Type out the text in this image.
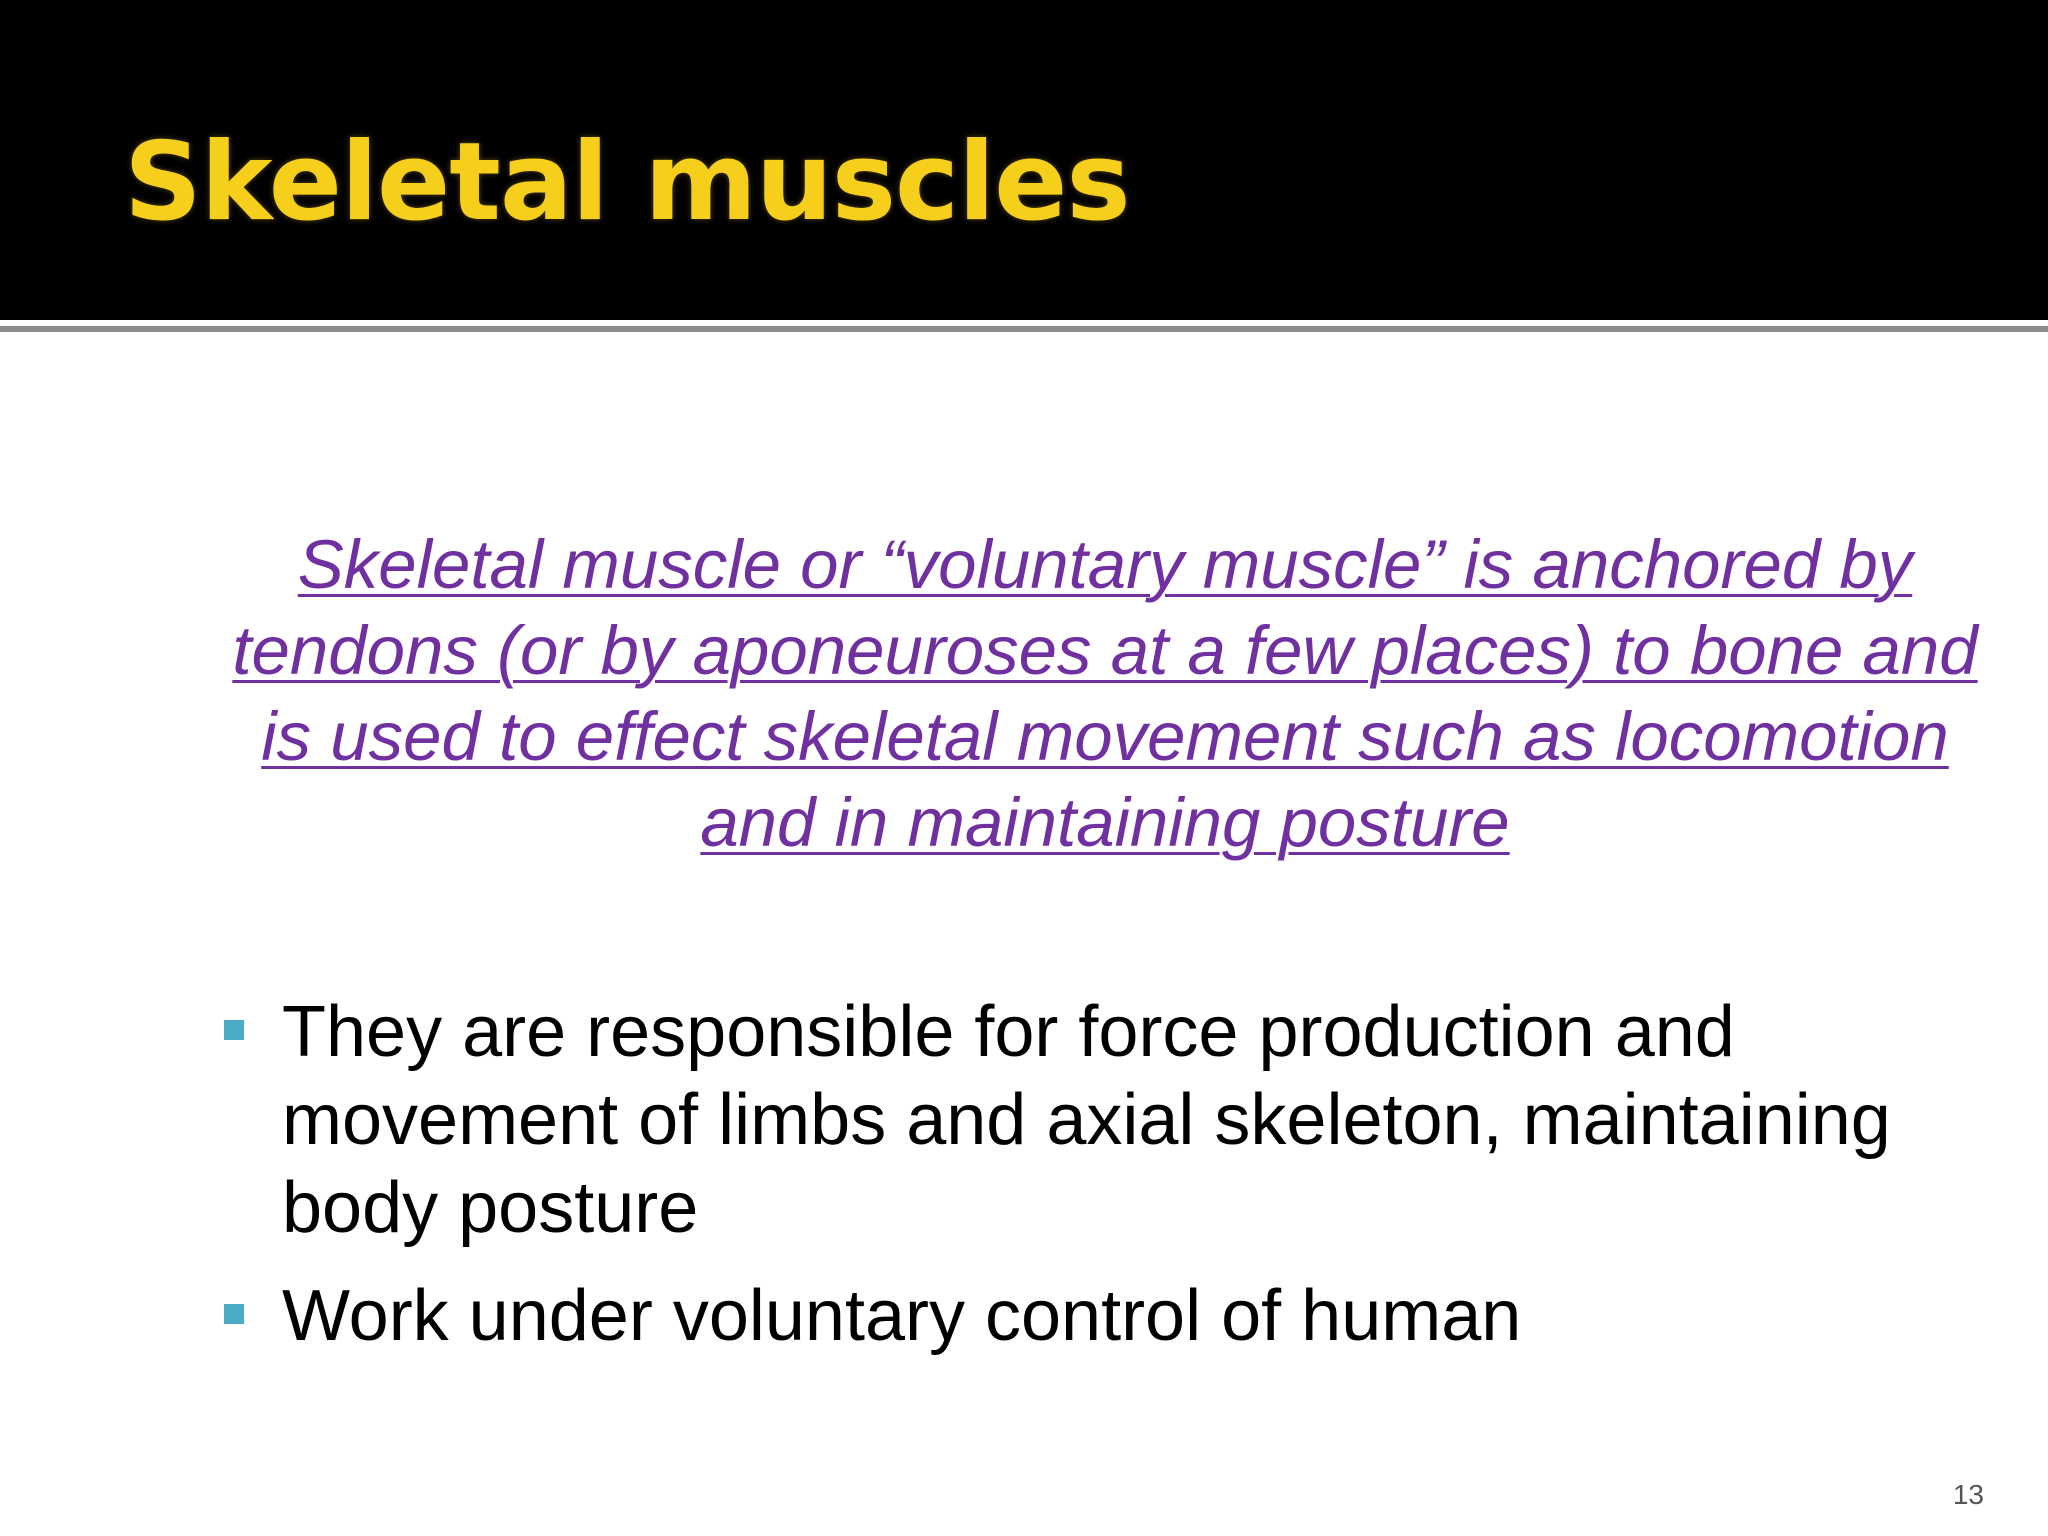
Skeletal muscles

Skeletal muscle or “voluntary muscle” is anchored by tendons (or by aponeuroses at a few places) to bone and is used to effect skeletal movement such as locomotion and in maintaining posture

They are responsible for force production and movement of limbs and axial skeleton, maintaining body posture
Work under voluntary control of human
13
